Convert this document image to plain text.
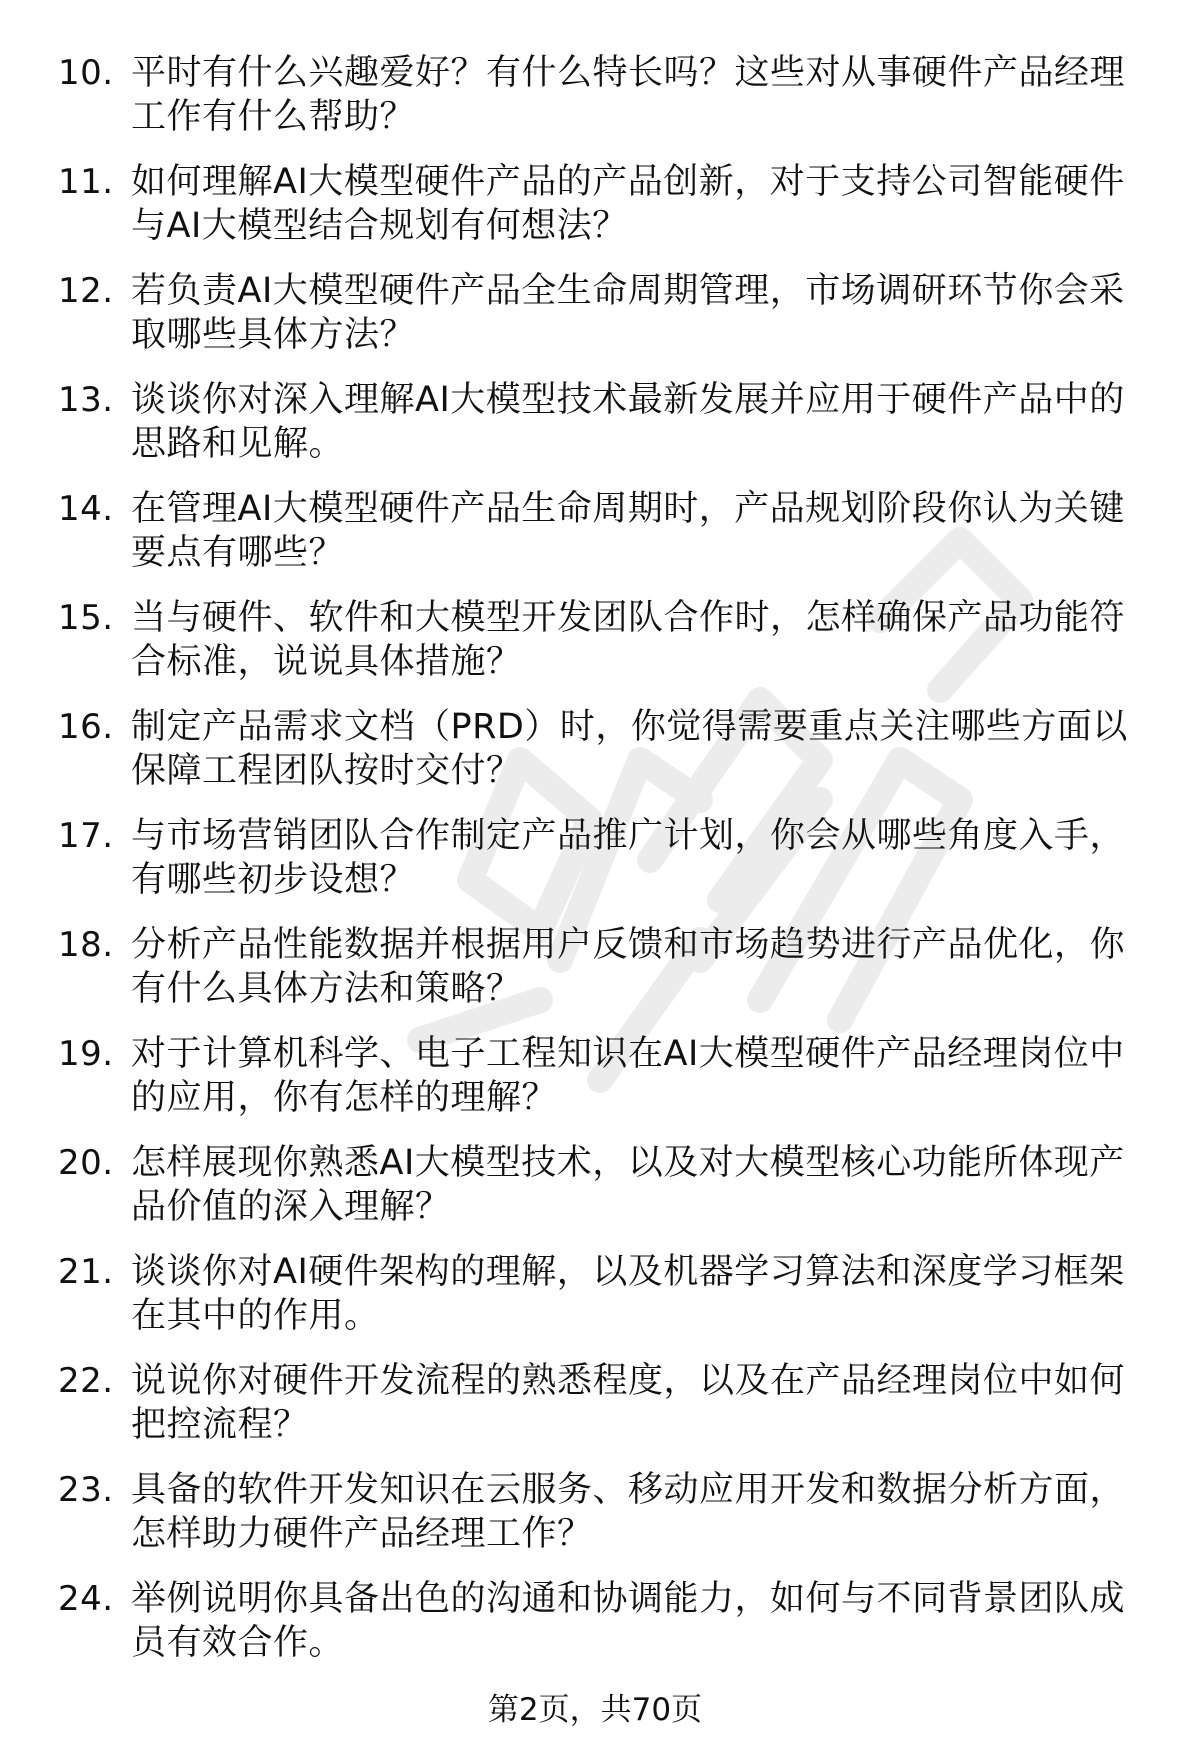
10. 平时有什么兴趣爱好？有什么特长吗？这些对从事硬件产品经理工作有什么帮助？
11. 如何理解AI大模型硬件产品的产品创新，对于支持公司智能硬件与AI大模型结合规划有何想法？
12. 若负责AI大模型硬件产品全生命周期管理，市场调研环节你会采取哪些具体方法？
13. 谈谈你对深入理解AI大模型技术最新发展并应用于硬件产品中的思路和见解。
14. 在管理AI大模型硬件产品生命周期时，产品规划阶段你认为关键要点有哪些？
15. 当与硬件、软件和大模型开发团队合作时，怎样确保产品功能符合标准，说说具体措施？
16. 制定产品需求文档（PRD）时，你觉得需要重点关注哪些方面以保障工程团队按时交付？
17. 与市场营销团队合作制定产品推广计划，你会从哪些角度入手，有哪些初步设想？
18. 分析产品性能数据并根据用户反馈和市场趋势进行产品优化，你有什么具体方法和策略？
19. 对于计算机科学、电子工程知识在AI大模型硬件产品经理岗位中的应用，你有怎样的理解？
20. 怎样展现你熟悉AI大模型技术，以及对大模型核心功能所体现产品价值的深入理解？
21. 谈谈你对AI硬件架构的理解，以及机器学习算法和深度学习框架在其中的作用。
22. 说说你对硬件开发流程的熟悉程度，以及在产品经理岗位中如何把控流程？
23. 具备的软件开发知识在云服务、移动应用开发和数据分析方面，怎样助力硬件产品经理工作？
24. 举例说明你具备出色的沟通和协调能力，如何与不同背景团队成员有效合作。
第2页，共70页
